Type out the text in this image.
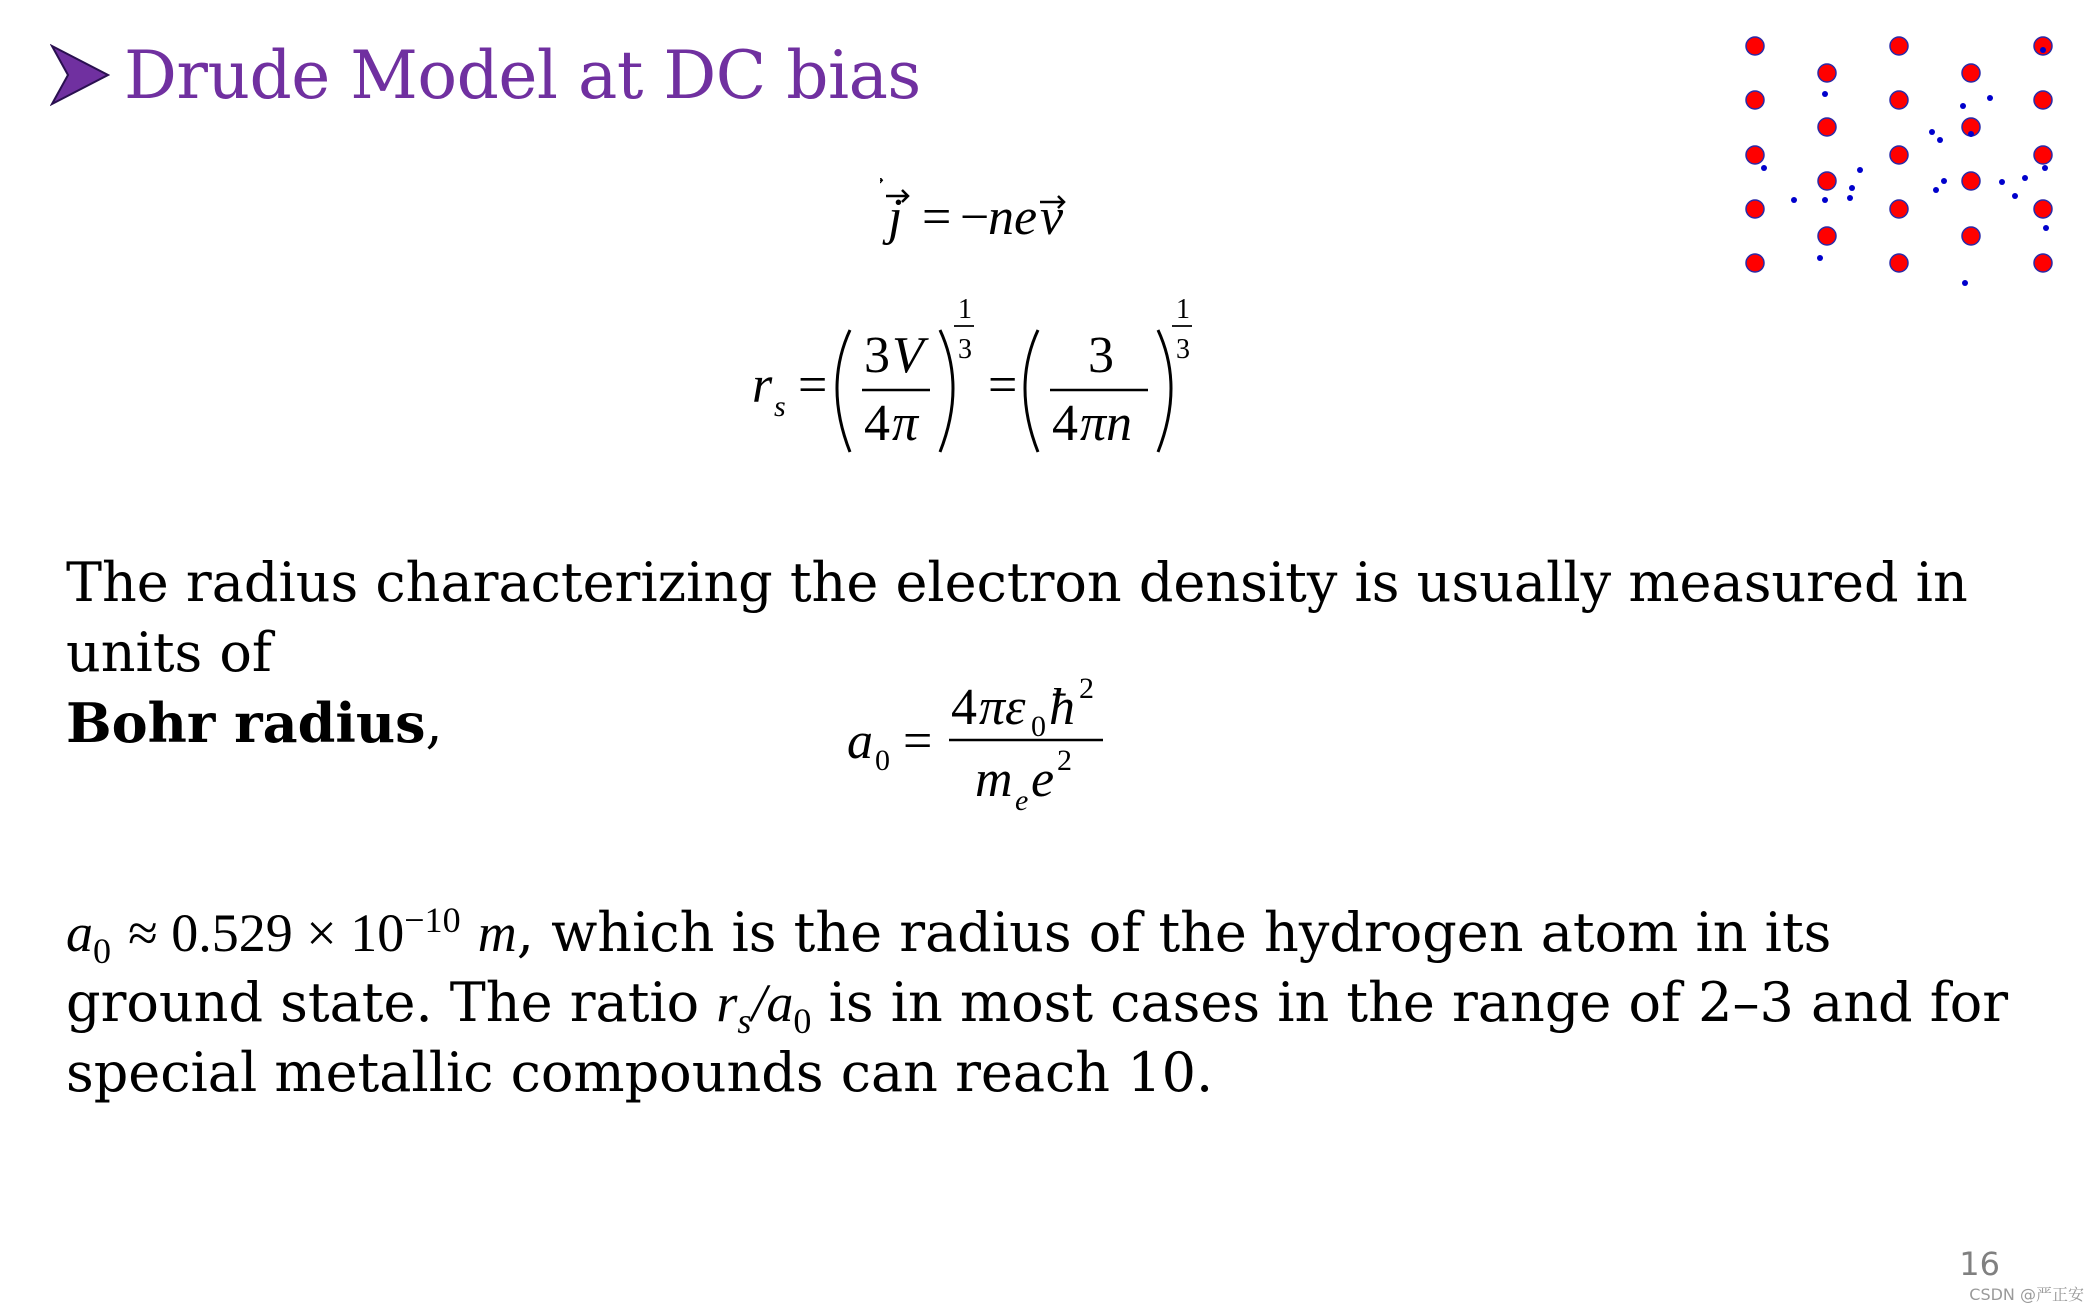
Drude Model at DC bias
j = −
ne v
r s =
3 V
4 π
1
3
=
3
4 πn
1
3
The radius characterizing the electron density is usually measured in units of
Bohr radius,	a 0 =
4 πε 0 ħ 2
m e e 2
$a_0 \approx 0.529 \times 10^{-10}$ m, which is the radius of the hydrogen atom in its ground state. The ratio $r_s/a_0$ is in most cases in the range of 2–3 and for special metallic compounds can reach 10.
16
CSDN @严正安
